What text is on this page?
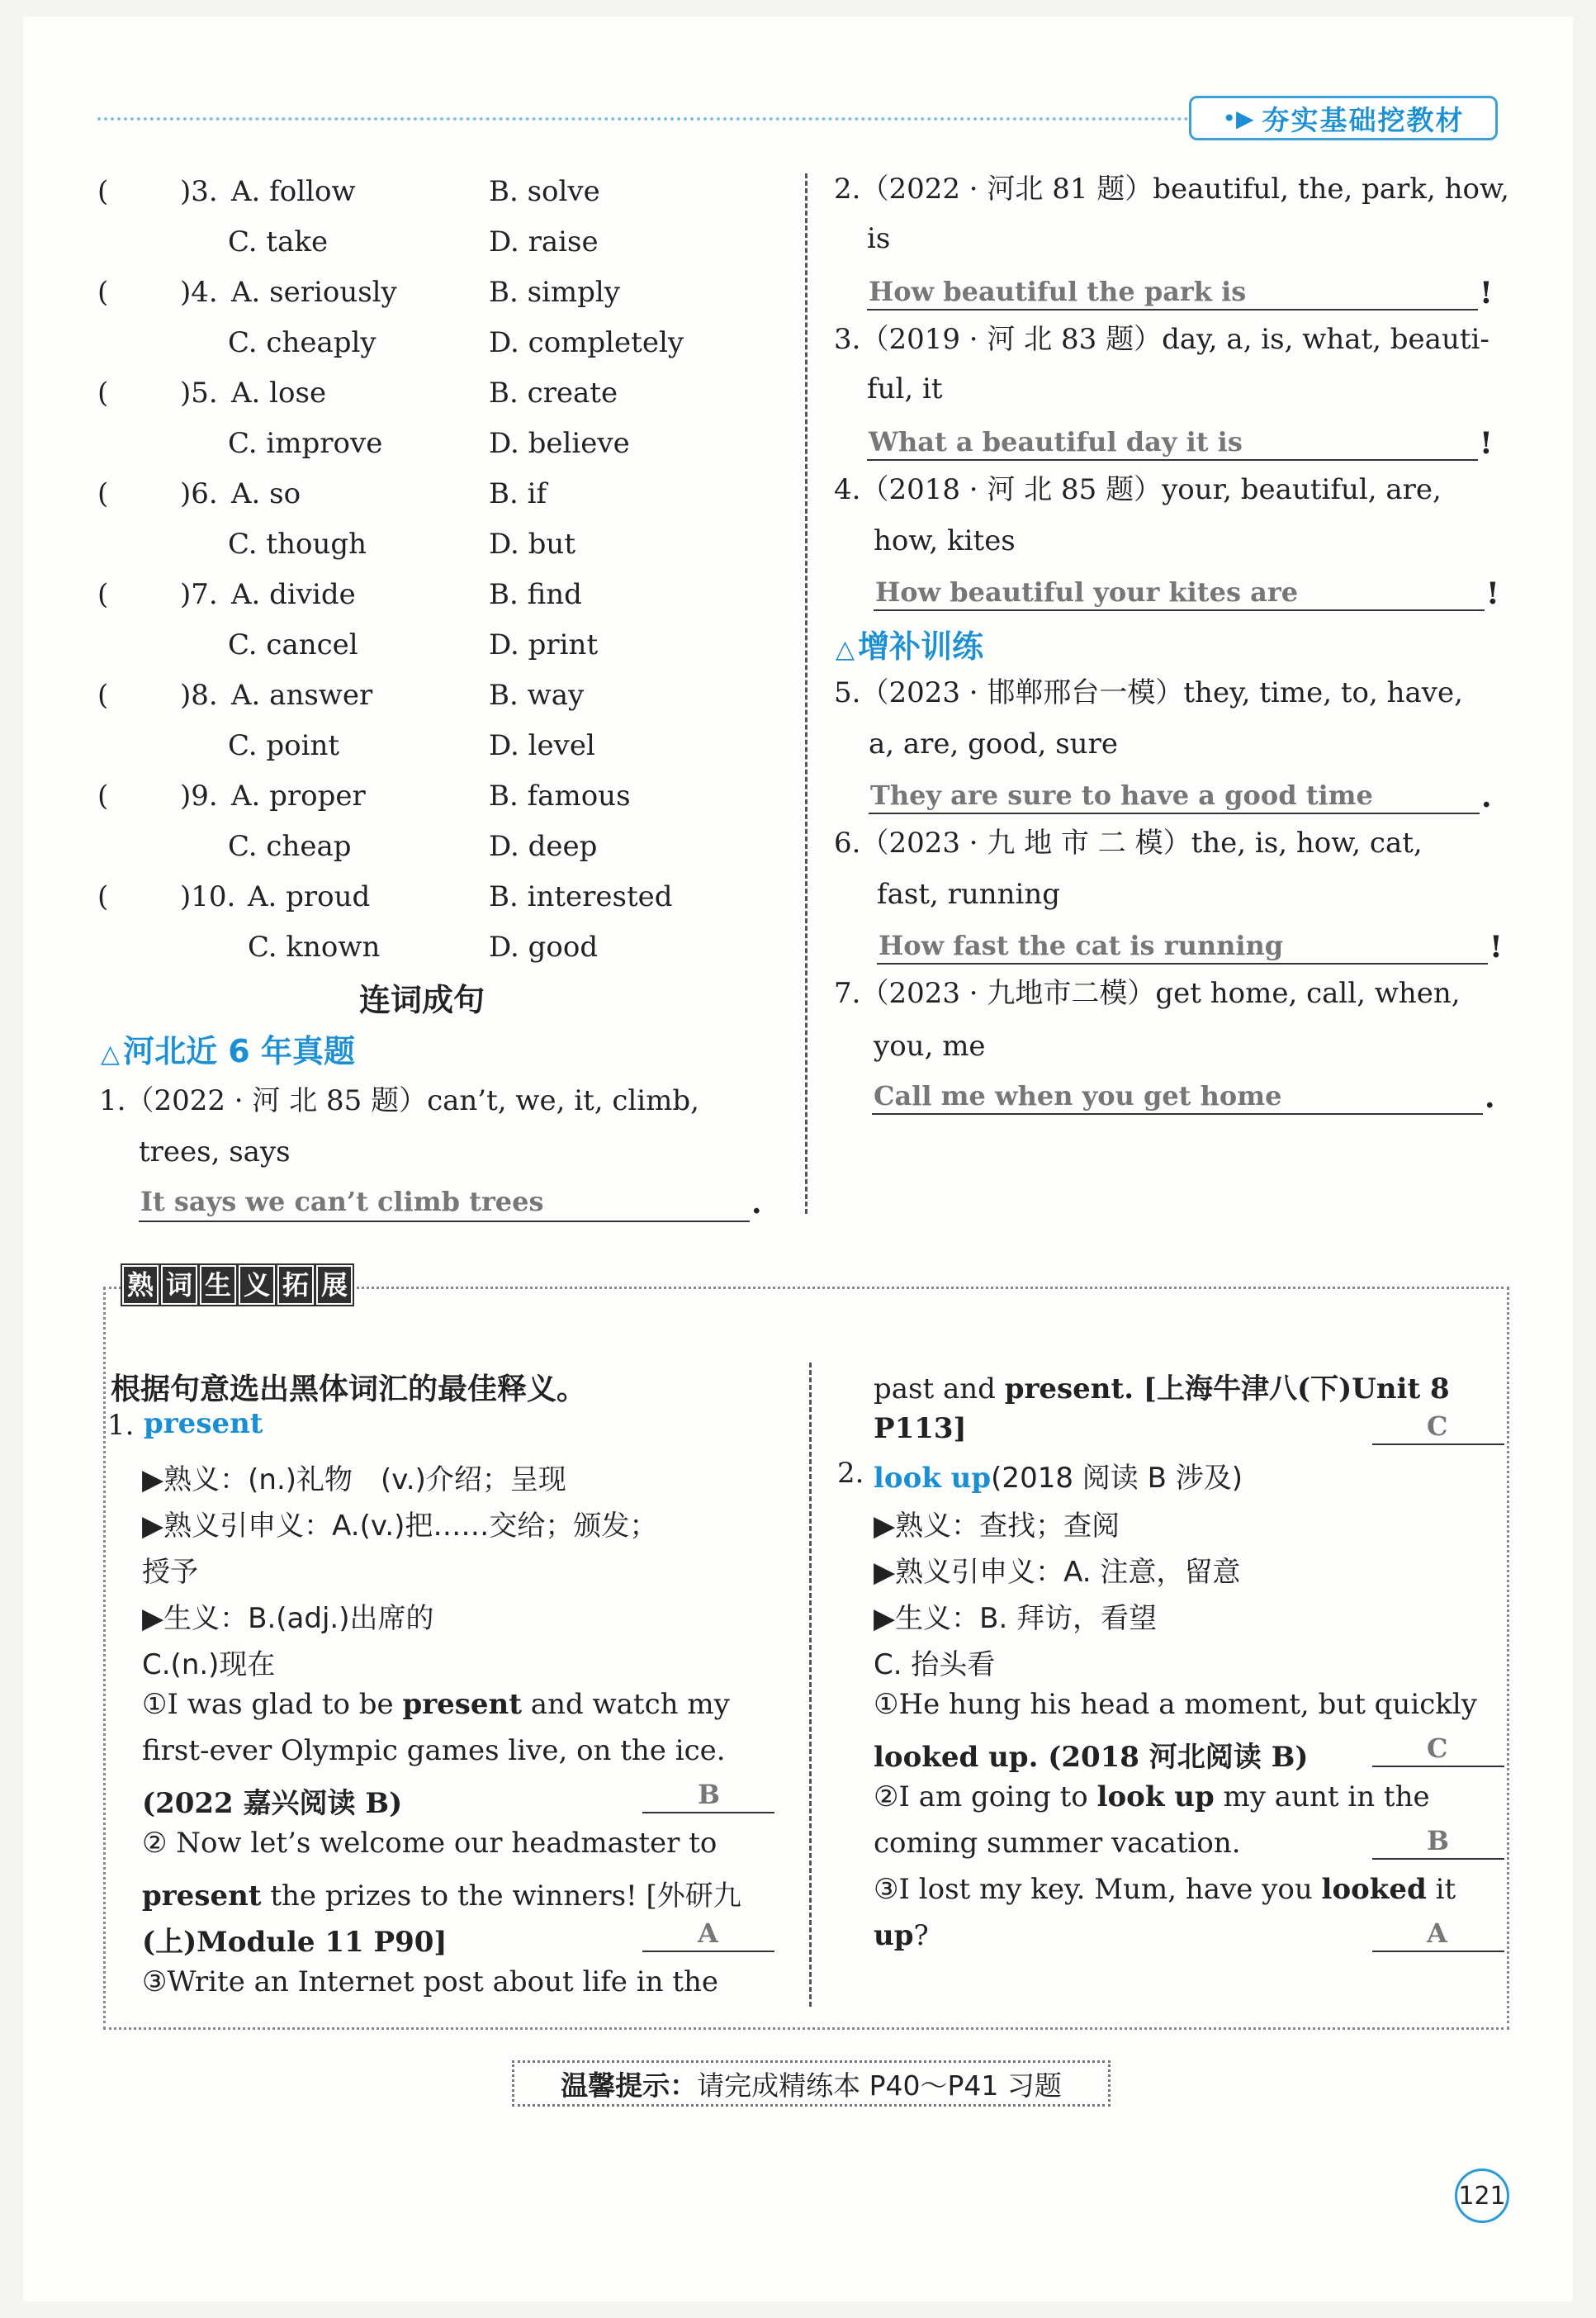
•▶ 夯实基础挖教材
(	)3. A. follow	B. solve
C. take	D. raise
(	)4. A. seriously	B. simply
C. cheaply	D. completely
(	)5. A. lose	B. create
C. improve	D. believe
(	)6. A. so	B. if
C. though	D. but
(	)7. A. divide	B. find
C. cancel	D. print
(	)8. A. answer	B. way
C. point	D. level
(	)9. A. proper	B. famous
C. cheap	D. deep
(	)10. A. proud	B. interested
C. known	D. good
连词成句
△ 河北近 6 年真题
1.（2022 · 河 北 85 题）can’t, we, it, climb,
trees, says
It says we can’t climb trees	.
2.（2022 · 河北 81 题）beautiful, the, park, how,
is
How beautiful the park is	!
3.（2019 · 河 北 83 题）day, a, is, what, beauti-
ful, it
What a beautiful day it is	!
4.（2018 · 河 北 85 题）your, beautiful, are,
how, kites
How beautiful your kites are	!
△ 增补训练
5.（2023 · 邯郸邢台一模）they, time, to, have,
a, are, good, sure
They are sure to have a good time	.
6.（2023 · 九 地 市 二 模）the, is, how, cat,
fast, running
How fast the cat is running	!
7.（2023 · 九地市二模）get home, call, when,
you, me
Call me when you get home	.
熟 词 生 义 拓 展
根据句意选出黑体词汇的最佳释义。
1. present
▶熟义：(n.)礼物　(v.)介绍；呈现
▶熟义引申义：A.(v.)把……交给；颁发；
授予
▶生义：B.(adj.)出席的
C.(n.)现在
①I was glad to be present and watch my
first-ever Olympic games live, on the ice.
(2022 嘉兴阅读 B)	B
② Now let’s welcome our headmaster to
present the prizes to the winners! [外研九
(上)Module 11 P90]	A
③Write an Internet post about life in the
past and present. [上海牛津八(下)Unit 8
P113]	C
2. look up(2018 阅读 B 涉及)
▶熟义：查找；查阅
▶熟义引申义：A. 注意，留意
▶生义：B. 拜访，看望
C. 抬头看
①He hung his head a moment, but quickly
looked up. (2018 河北阅读 B)	C
②I am going to look up my aunt in the
coming summer vacation.	B
③I lost my key. Mum, have you looked it
up?	A
温馨提示： 请完成精练本 P40～P41 习题
121
